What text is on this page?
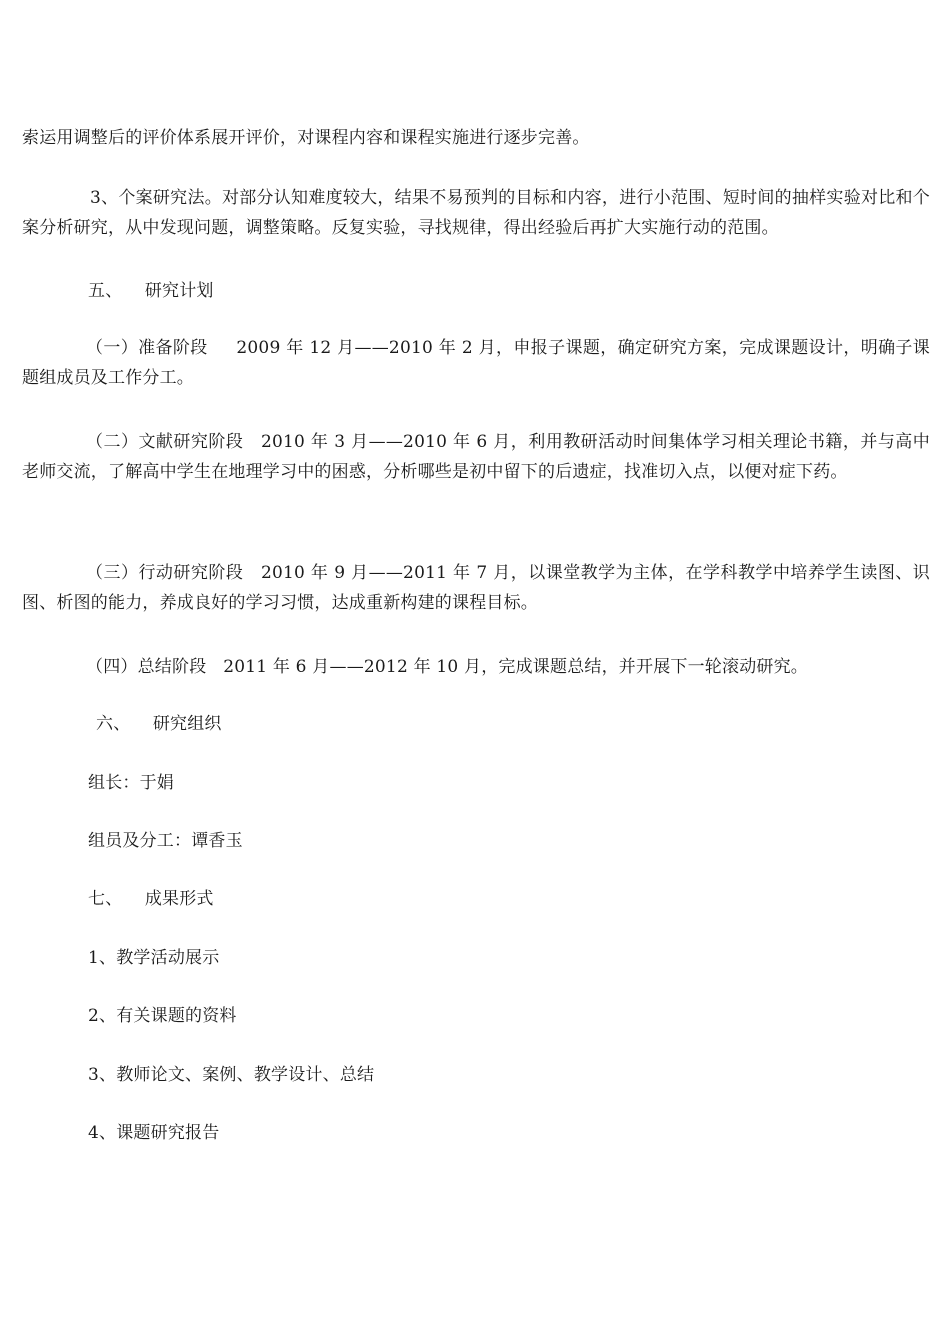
索运用调整后的评价体系展开评价，对课程内容和课程实施进行逐步完善。

3、个案研究法。对部分认知难度较大，结果不易预判的目标和内容，进行小范围、短时间的抽样实验对比和个案分析研究，从中发现问题，调整策略。反复实验，寻找规律，得出经验后再扩大实施行动的范围。

五、    研究计划

（一）准备阶段     2009 年 12 月——2010 年 2 月，申报子课题，确定研究方案，完成课题设计，明确子课题组成员及工作分工。

（二）文献研究阶段   2010 年 3 月——2010 年 6 月，利用教研活动时间集体学习相关理论书籍，并与高中老师交流，了解高中学生在地理学习中的困惑，分析哪些是初中留下的后遗症，找准切入点，以便对症下药。

（三）行动研究阶段   2010 年 9 月——2011 年 7 月，以课堂教学为主体，在学科教学中培养学生读图、识图、析图的能力，养成良好的学习习惯，达成重新构建的课程目标。

（四）总结阶段   2011 年 6 月——2012 年 10 月，完成课题总结，并开展下一轮滚动研究。

六、    研究组织

组长：于娟

组员及分工：谭香玉

七、    成果形式

1、教学活动展示

2、有关课题的资料

3、教师论文、案例、教学设计、总结

4、课题研究报告
